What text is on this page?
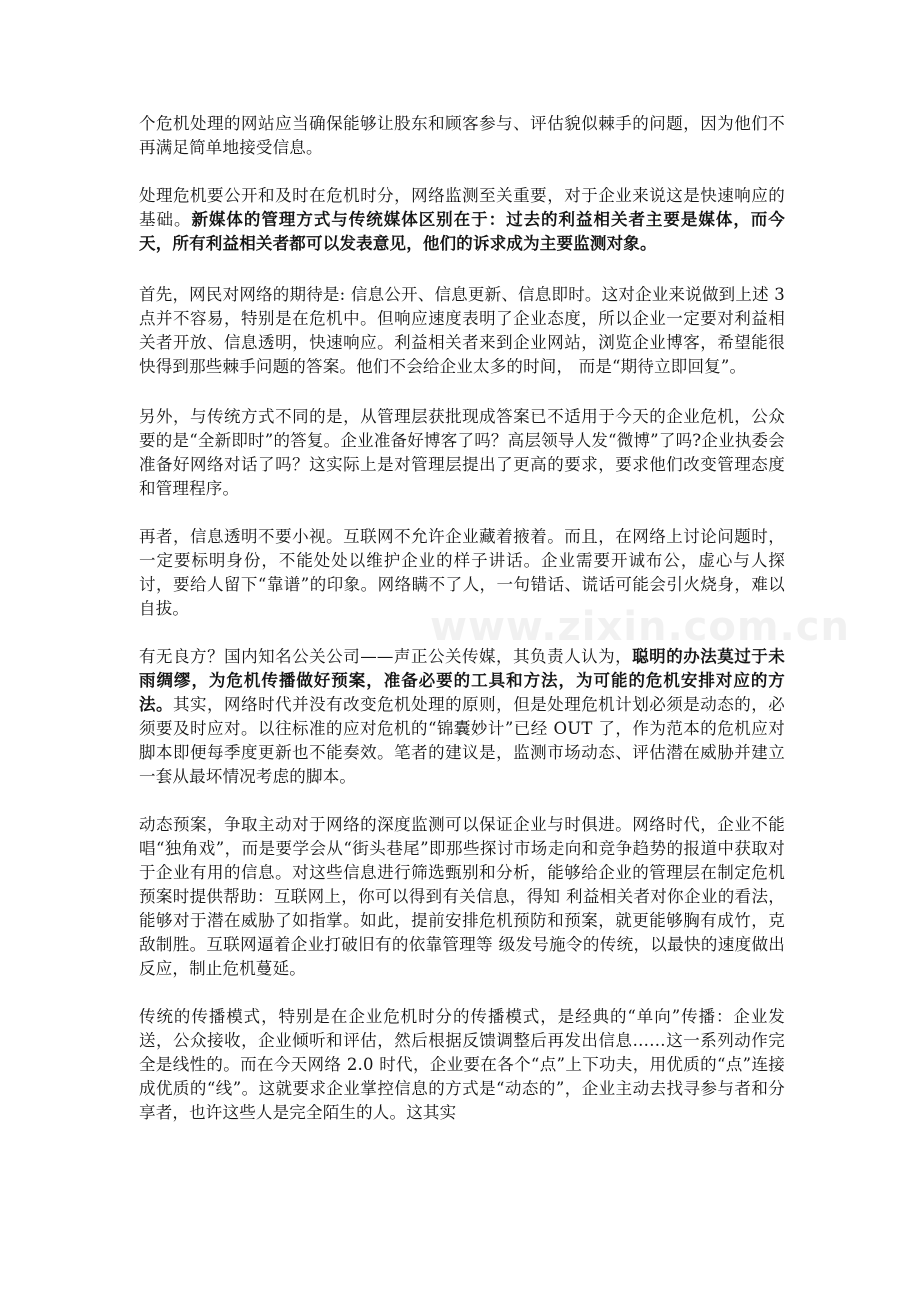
www.zixin.com.cn

个危机处理的网站应当确保能够让股东和顾客参与、评估貌似棘手的问题，因为他们不再满足简单地接受信息。

处理危机要公开和及时在危机时分，网络监测至关重要，对于企业来说这是快速响应的基础。新媒体的管理方式与传统媒体区别在于：过去的利益相关者主要是媒体，而今天，所有利益相关者都可以发表意见，他们的诉求成为主要监测对象。

首先，网民对网络的期待是: 信息公开、信息更新、信息即时。这对企业来说做到上述 3 点并不容易，特别是在危机中。但响应速度表明了企业态度，所以企业一定要对利益相关者开放、信息透明，快速响应。利益相关者来到企业网站，浏览企业博客，希望能很快得到那些棘手问题的答案。他们不会给企业太多的时间， 而是“期待立即回复”。

另外，与传统方式不同的是，从管理层获批现成答案已不适用于今天的企业危机，公众要的是“全新即时”的答复。企业准备好博客了吗？高层领导人发“微博”了吗?企业执委会准备好网络对话了吗？这实际上是对管理层提出了更高的要求，要求他们改变管理态度和管理程序。

再者，信息透明不要小视。互联网不允许企业藏着掖着。而且，在网络上讨论问题时，一定要标明身份，不能处处以维护企业的样子讲话。企业需要开诚布公，虚心与人探讨，要给人留下“靠谱”的印象。网络瞒不了人，一句错话、谎话可能会引火烧身，难以自拔。

有无良方？国内知名公关公司——声正公关传媒，其负责人认为，聪明的办法莫过于未雨绸缪，为危机传播做好预案，准备必要的工具和方法，为可能的危机安排对应的方法。其实，网络时代并没有改变危机处理的原则，但是处理危机计划必须是动态的，必须要及时应对。以往标准的应对危机的“锦囊妙计”已经 OUT 了，作为范本的危机应对脚本即便每季度更新也不能奏效。笔者的建议是，监测市场动态、评估潜在威胁并建立一套从最坏情况考虑的脚本。

动态预案，争取主动对于网络的深度监测可以保证企业与时俱进。网络时代，企业不能唱“独角戏”，而是要学会从“街头巷尾”即那些探讨市场走向和竞争趋势的报道中获取对于企业有用的信息。对这些信息进行筛选甄别和分析，能够给企业的管理层在制定危机预案时提供帮助：互联网上，你可以得到有关信息，得知 利益相关者对你企业的看法，能够对于潜在威胁了如指掌。如此，提前安排危机预防和预案，就更能够胸有成竹，克敌制胜。互联网逼着企业打破旧有的依靠管理等 级发号施令的传统，以最快的速度做出反应，制止危机蔓延。

传统的传播模式，特别是在企业危机时分的传播模式，是经典的“单向”传播：企业发送，公众接收，企业倾听和评估，然后根据反馈调整后再发出信息……这一系列动作完全是线性的。而在今天网络 2.0 时代，企业要在各个“点”上下功夫，用优质的“点”连接成优质的“线”。这就要求企业掌控信息的方式是“动态的”，企业主动去找寻参与者和分享者，也许这些人是完全陌生的人。这其实
